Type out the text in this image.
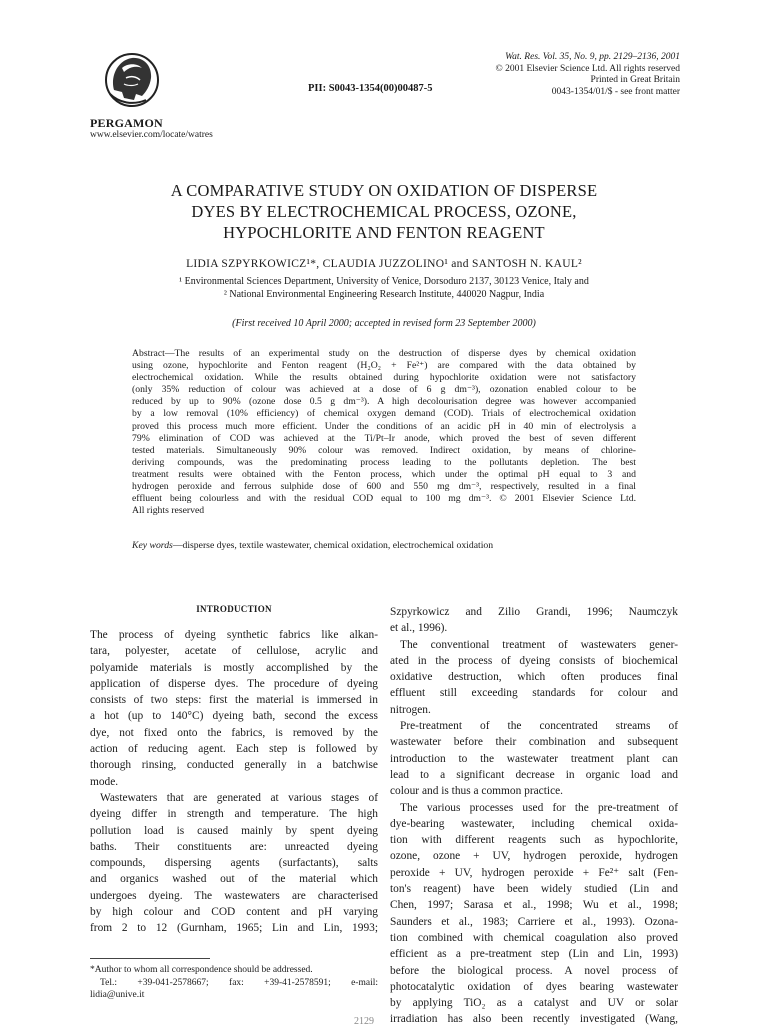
PERGAMON
www.elsevier.com/locate/watres
PII: S0043-1354(00)00487-5
Wat. Res. Vol. 35, No. 9, pp. 2129–2136, 2001
© 2001 Elsevier Science Ltd. All rights reserved
Printed in Great Britain
0043-1354/01/$ - see front matter
A COMPARATIVE STUDY ON OXIDATION OF DISPERSE
DYES BY ELECTROCHEMICAL PROCESS, OZONE,
HYPOCHLORITE AND FENTON REAGENT
LIDIA SZPYRKOWICZ¹*, CLAUDIA JUZZOLINO¹ and SANTOSH N. KAUL²
¹ Environmental Sciences Department, University of Venice, Dorsoduro 2137, 30123 Venice, Italy and
² National Environmental Engineering Research Institute, 440020 Nagpur, India
(First received 10 April 2000; accepted in revised form 23 September 2000)
Abstract—The results of an experimental study on the destruction of disperse dyes by chemical oxidation
using ozone, hypochlorite and Fenton reagent (H₂O₂ + Fe²⁺) are compared with the data obtained by
electrochemical oxidation. While the results obtained during hypochlorite oxidation were not satisfactory
(only 35% reduction of colour was achieved at a dose of 6 g dm⁻³), ozonation enabled colour to be
reduced by up to 90% (ozone dose 0.5 g dm⁻³). A high decolourisation degree was however accompanied
by a low removal (10% efficiency) of chemical oxygen demand (COD). Trials of electrochemical oxidation
proved this process much more efficient. Under the conditions of an acidic pH in 40 min of electrolysis a
79% elimination of COD was achieved at the Ti/Pt–Ir anode, which proved the best of seven different
tested materials. Simultaneously 90% colour was removed. Indirect oxidation, by means of chlorine-
deriving compounds, was the predominating process leading to the pollutants depletion. The best
treatment results were obtained with the Fenton process, which under the optimal pH equal to 3 and
hydrogen peroxide and ferrous sulphide dose of 600 and 550 mg dm⁻³, respectively, resulted in a final
effluent being colourless and with the residual COD equal to 100 mg dm⁻³. © 2001 Elsevier Science Ltd.
All rights reserved
Key words—disperse dyes, textile wastewater, chemical oxidation, electrochemical oxidation
INTRODUCTION
The process of dyeing synthetic fabrics like alkan-
tara, polyester, acetate of cellulose, acrylic and
polyamide materials is mostly accomplished by the
application of disperse dyes. The procedure of dyeing
consists of two steps: first the material is immersed in
a hot (up to 140°C) dyeing bath, second the excess
dye, not fixed onto the fabrics, is removed by the
action of reducing agent. Each step is followed by
thorough rinsing, conducted generally in a batchwise
mode.
Wastewaters that are generated at various stages of
dyeing differ in strength and temperature. The high
pollution load is caused mainly by spent dyeing
baths. Their constituents are: unreacted dyeing
compounds, dispersing agents (surfactants), salts
and organics washed out of the material which
undergoes dyeing. The wastewaters are characterised
by high colour and COD content and pH varying
from 2 to 12 (Gurnham, 1965; Lin and Lin, 1993;
Szpyrkowicz and Zilio Grandi, 1996; Naumczyk
et al., 1996).
The conventional treatment of wastewaters gener-
ated in the process of dyeing consists of biochemical
oxidative destruction, which often produces final
effluent still exceeding standards for colour and
nitrogen.
Pre-treatment of the concentrated streams of
wastewater before their combination and subsequent
introduction to the wastewater treatment plant can
lead to a significant decrease in organic load and
colour and is thus a common practice.
The various processes used for the pre-treatment of
dye-bearing wastewater, including chemical oxida-
tion with different reagents such as hypochlorite,
ozone, ozone + UV, hydrogen peroxide, hydrogen
peroxide + UV, hydrogen peroxide + Fe²⁺ salt (Fen-
ton's reagent) have been widely studied (Lin and
Chen, 1997; Sarasa et al., 1998; Wu et al., 1998;
Saunders et al., 1983; Carriere et al., 1993). Ozona-
tion combined with chemical coagulation also proved
efficient as a pre-treatment step (Lin and Lin, 1993)
before the biological process. A novel process of
photocatalytic oxidation of dyes bearing wastewater
by applying TiO₂ as a catalyst and UV or solar
irradiation has also been recently investigated (Wang,
*Author to whom all correspondence should be addressed.
Tel.: +39-041-2578667; fax: +39-41-2578591; e-mail:
lidia@unive.it
2129
